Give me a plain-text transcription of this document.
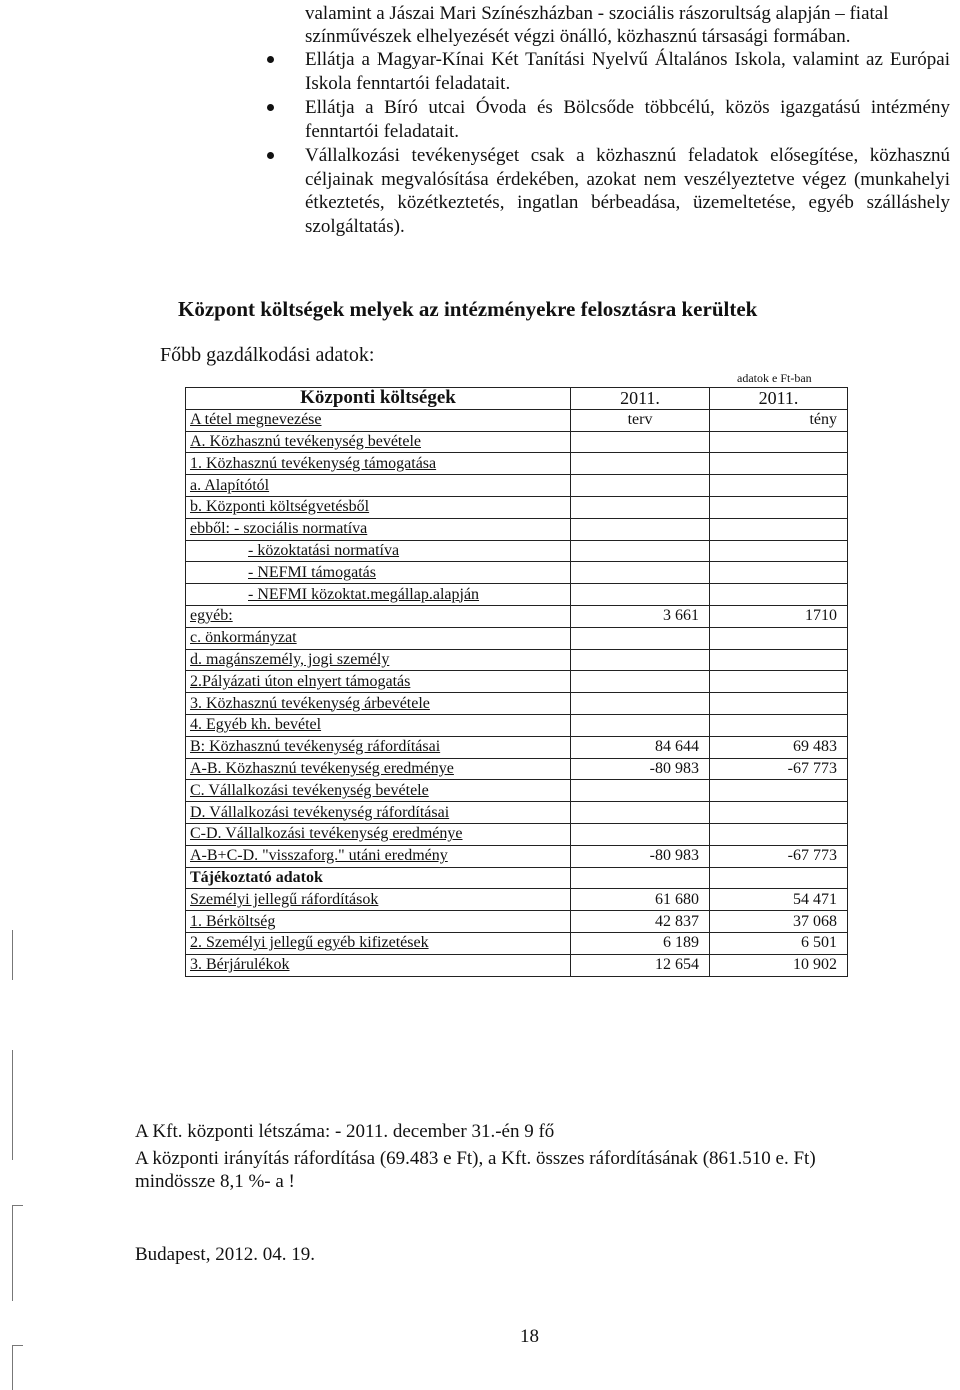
valamint a Jászai Mari Színészházban - szociális rászorultság alapján – fiatal színművészek elhelyezését végzi önálló, közhasznú társasági formában.
Ellátja a Magyar-Kínai Két Tanítási Nyelvű Általános Iskola, valamint az Európai Iskola fenntartói feladatait.
Ellátja a Bíró utcai Óvoda és Bölcsőde többcélú, közös igazgatású intézmény fenntartói feladatait.
Vállalkozási tevékenységet csak a közhasznú feladatok elősegítése, közhasznú céljainak megvalósítása érdekében, azokat nem veszélyeztetve végez (munkahelyi étkeztetés, közétkeztetés, ingatlan bérbeadása, üzemeltetése, egyéb szálláshely szolgáltatás).
Központ költségek melyek az intézményekre felosztásra kerültek
Főbb gazdálkodási adatok:
adatok e Ft-ban
Központi költségek	2011.	2011.
A tétel megnevezése	terv	tény
A. Közhasznú tevékenység bevétele		
1. Közhasznú tevékenység támogatása		
a. Alapítótól		
b. Központi költségvetésből		
ebből: - szociális normatíva		
- közoktatási normatíva		
- NEFMI támogatás		
- NEFMI közoktat.megállap.alapján		
egyéb:	3 661	1710
c. önkormányzat		
d. magánszemély, jogi személy		
2.Pályázati úton elnyert támogatás		
3. Közhasznú tevékenység árbevétele		
4. Egyéb kh. bevétel		
B: Közhasznú tevékenység ráfordításai	84 644	69 483
A-B. Közhasznú tevékenység eredménye	-80 983	-67 773
C. Vállalkozási tevékenység bevétele		
D. Vállalkozási tevékenység ráfordításai		
C-D. Vállalkozási tevékenység eredménye		
A-B+C-D. "visszaforg." utáni eredmény	-80 983	-67 773
Tájékoztató adatok		
Személyi jellegű ráfordítások	61 680	54 471
1. Bérköltség	42 837	37 068
2. Személyi jellegű egyéb kifizetések	6 189	6 501
3. Bérjárulékok	12 654	10 902
A Kft. központi létszáma: - 2011. december 31.-én 9 fő
A központi irányítás ráfordítása (69.483 e Ft), a Kft. összes ráfordításának (861.510 e. Ft)
mindössze 8,1 %- a !
Budapest, 2012. 04. 19.
18
